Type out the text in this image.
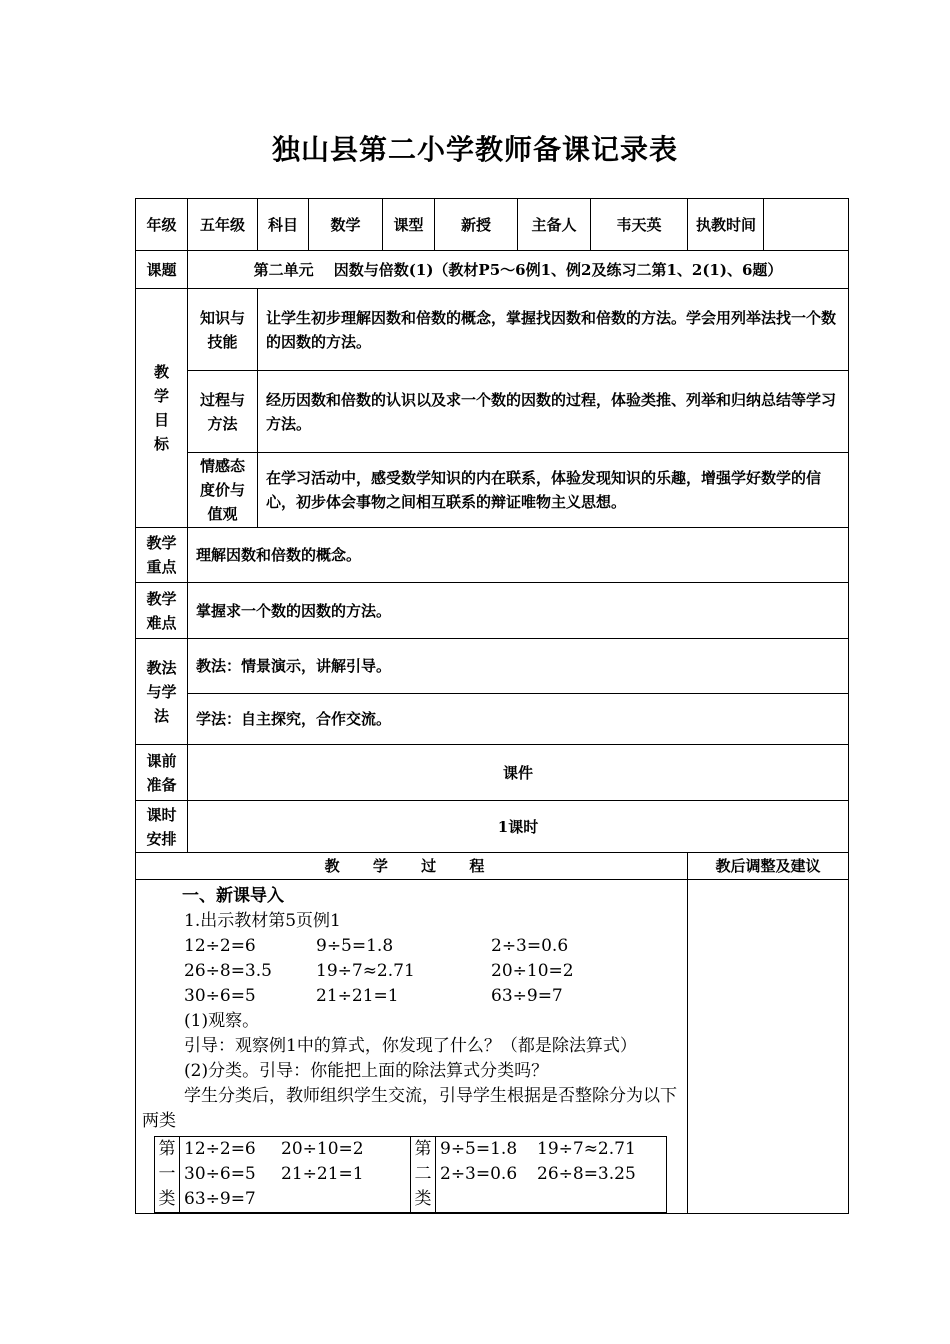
独山县第二小学教师备课记录表
年级	五年级	科目	数学	课型	新授	主备人	韦天英	执教时间	
课题	第二单元　 因数与倍数(1)（教材P5～6例1、例2及练习二第1、2(1)、6题）
教学目标	知识与技能	让学生初步理解因数和倍数的概念，掌握找因数和倍数的方法。学会用列举法找一个数的因数的方法。
过程与方法	经历因数和倍数的认识以及求一个数的因数的过程，体验类推、列举和归纳总结等学习方法。
情感态度价与值观	在学习活动中，感受数学知识的内在联系，体验发现知识的乐趣，增强学好数学的信心，初步体会事物之间相互联系的辩证唯物主义思想。
教学重点	理解因数和倍数的概念。
教学难点	掌握求一个数的因数的方法。
教法与学法	教法：情景演示，讲解引导。
学法：自主探究，合作交流。
课前准备	课件
课时安排	1课时
教 学 过 程	教后调整及建议

一、新课导入
1.出示教材第5页例1
12÷2=6	9÷5=1.8	2÷3=0.6
26÷8=3.5	19÷7≈2.71	20÷10=2
30÷6=5	21÷21=1	63÷9=7
(1)观察。
引导：观察例1中的算式，你发现了什么？（都是除法算式）
(2)分类。引导：你能把上面的除法算式分类吗？
学生分类后，教师组织学生交流，引导学生根据是否整除分为以下两类
第一类	
12÷2=6	20÷10=2
30÷6=5	21÷21=1
63÷9=7
	第二类	
9÷5=1.8	19÷7≈2.71
2÷3=0.6	26÷8=3.25
